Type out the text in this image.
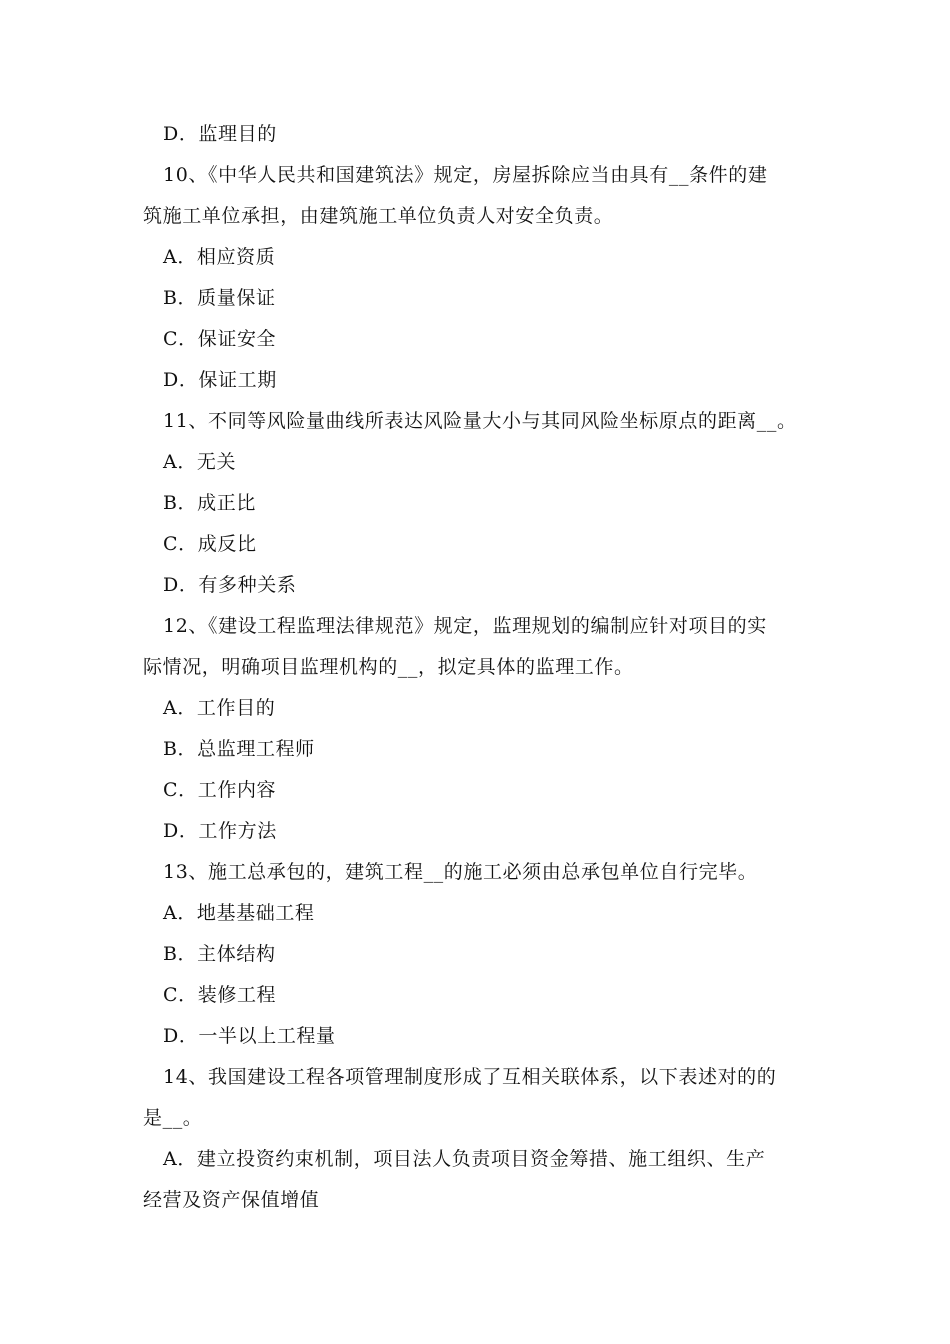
D．监理目的
10、《中华人民共和国建筑法》规定，房屋拆除应当由具有__条件的建
筑施工单位承担，由建筑施工单位负责人对安全负责。
A．相应资质
B．质量保证
C．保证安全
D．保证工期
11、不同等风险量曲线所表达风险量大小与其同风险坐标原点的距离__。
A．无关
B．成正比
C．成反比
D．有多种关系
12、《建设工程监理法律规范》规定，监理规划的编制应针对项目的实
际情况，明确项目监理机构的__，拟定具体的监理工作。
A．工作目的
B．总监理工程师
C．工作内容
D．工作方法
13、施工总承包的，建筑工程__的施工必须由总承包单位自行完毕。
A．地基基础工程
B．主体结构
C．装修工程
D．一半以上工程量
14、我国建设工程各项管理制度形成了互相关联体系，以下表述对的的
是__。
A．建立投资约束机制，项目法人负责项目资金筹措、施工组织、生产
经营及资产保值增值
